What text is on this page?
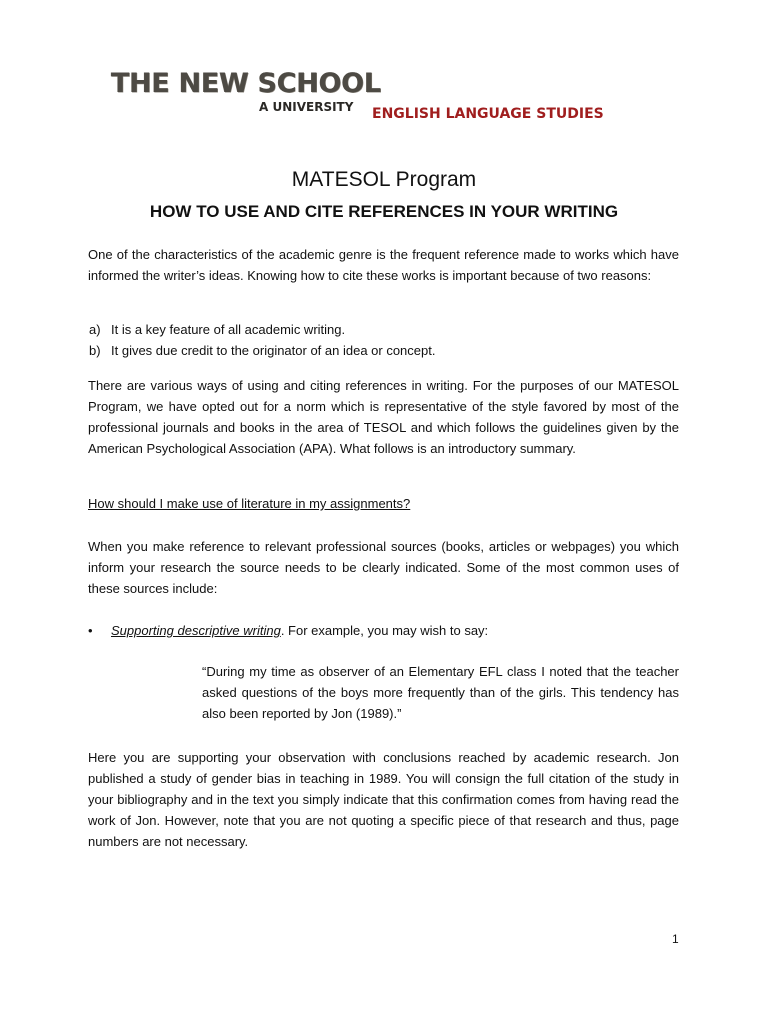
THE NEW SCHOOL
A UNIVERSITY ENGLISH LANGUAGE STUDIES
MATESOL Program
HOW TO USE AND CITE REFERENCES IN YOUR WRITING
One of the characteristics of the academic genre is the frequent reference made to works which have informed the writer’s ideas. Knowing how to cite these works is important because of two reasons:
a) It is a key feature of all academic writing.
b) It gives due credit to the originator of an idea or concept.
There are various ways of using and citing references in writing. For the purposes of our MATESOL Program, we have opted out for a norm which is representative of the style favored by most of the professional journals and books in the area of TESOL and which follows the guidelines given by the American Psychological Association (APA). What follows is an introductory summary.
How should I make use of literature in my assignments?
When you make reference to relevant professional sources (books, articles or webpages) you which inform your research the source needs to be clearly indicated. Some of the most common uses of these sources include:
• Supporting descriptive writing. For example, you may wish to say:
“During my time as observer of an Elementary EFL class I noted that the teacher asked questions of the boys more frequently than of the girls. This tendency has also been reported by Jon (1989).”
Here you are supporting your observation with conclusions reached by academic research. Jon published a study of gender bias in teaching in 1989. You will consign the full citation of the study in your bibliography and in the text you simply indicate that this confirmation comes from having read the work of Jon. However, note that you are not quoting a specific piece of that research and thus, page numbers are not necessary.
1
